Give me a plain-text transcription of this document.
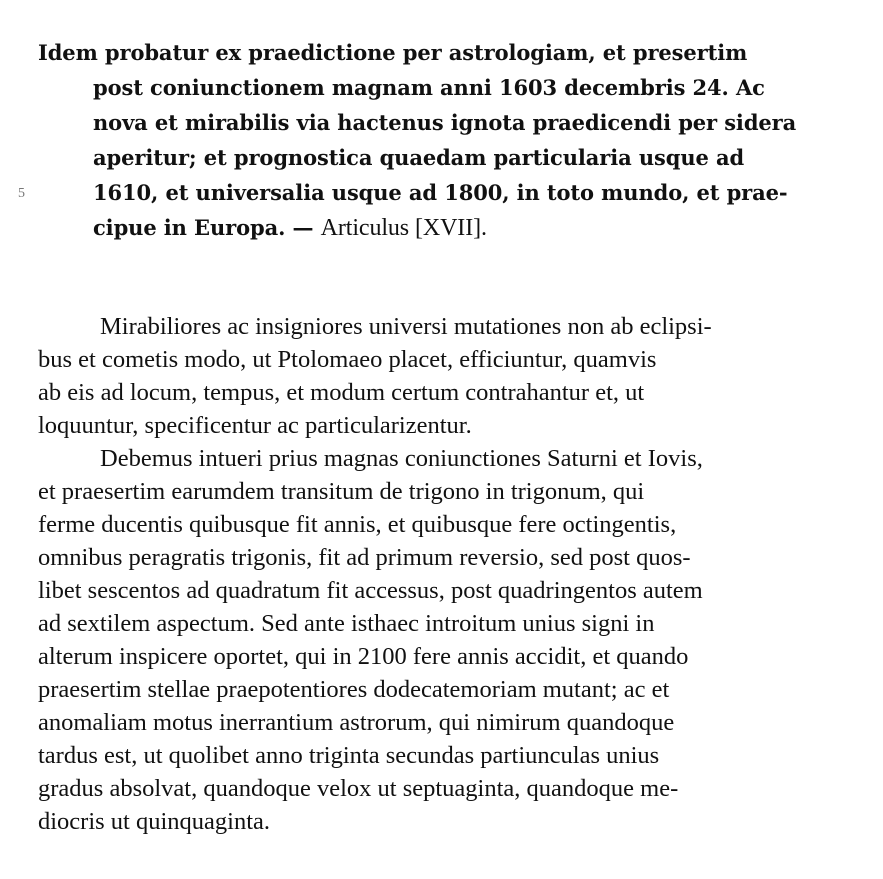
5
Idem probatur ex praedictione per astrologiam, et presertim
post coniunctionem magnam anni 1603 decembris 24. Ac
nova et mirabilis via hactenus ignota praedicendi per sidera
aperitur; et prognostica quaedam particularia usque ad
1610, et universalia usque ad 1800, in toto mundo, et prae-
cipue in Europa. — Articulus [XVII].
Mirabiliores ac insigniores universi mutationes non ab eclipsi-
bus et cometis modo, ut Ptolomaeo placet, efficiuntur, quamvis
ab eis ad locum, tempus, et modum certum contrahantur et, ut
loquuntur, specificentur ac particularizentur.
Debemus intueri prius magnas coniunctiones Saturni et Iovis,
et praesertim earumdem transitum de trigono in trigonum, qui
ferme ducentis quibusque fit annis, et quibusque fere octingentis,
omnibus peragratis trigonis, fit ad primum reversio, sed post quos-
libet sescentos ad quadratum fit accessus, post quadringentos autem
ad sextilem aspectum. Sed ante isthaec introitum unius signi in
alterum inspicere oportet, qui in 2100 fere annis accidit, et quando
praesertim stellae praepotentiores dodecatemoriam mutant; ac et
anomaliam motus inerrantium astrorum, qui nimirum quandoque
tardus est, ut quolibet anno triginta secundas partiunculas unius
gradus absolvat, quandoque velox ut septuaginta, quandoque me-
diocris ut quinquaginta.
